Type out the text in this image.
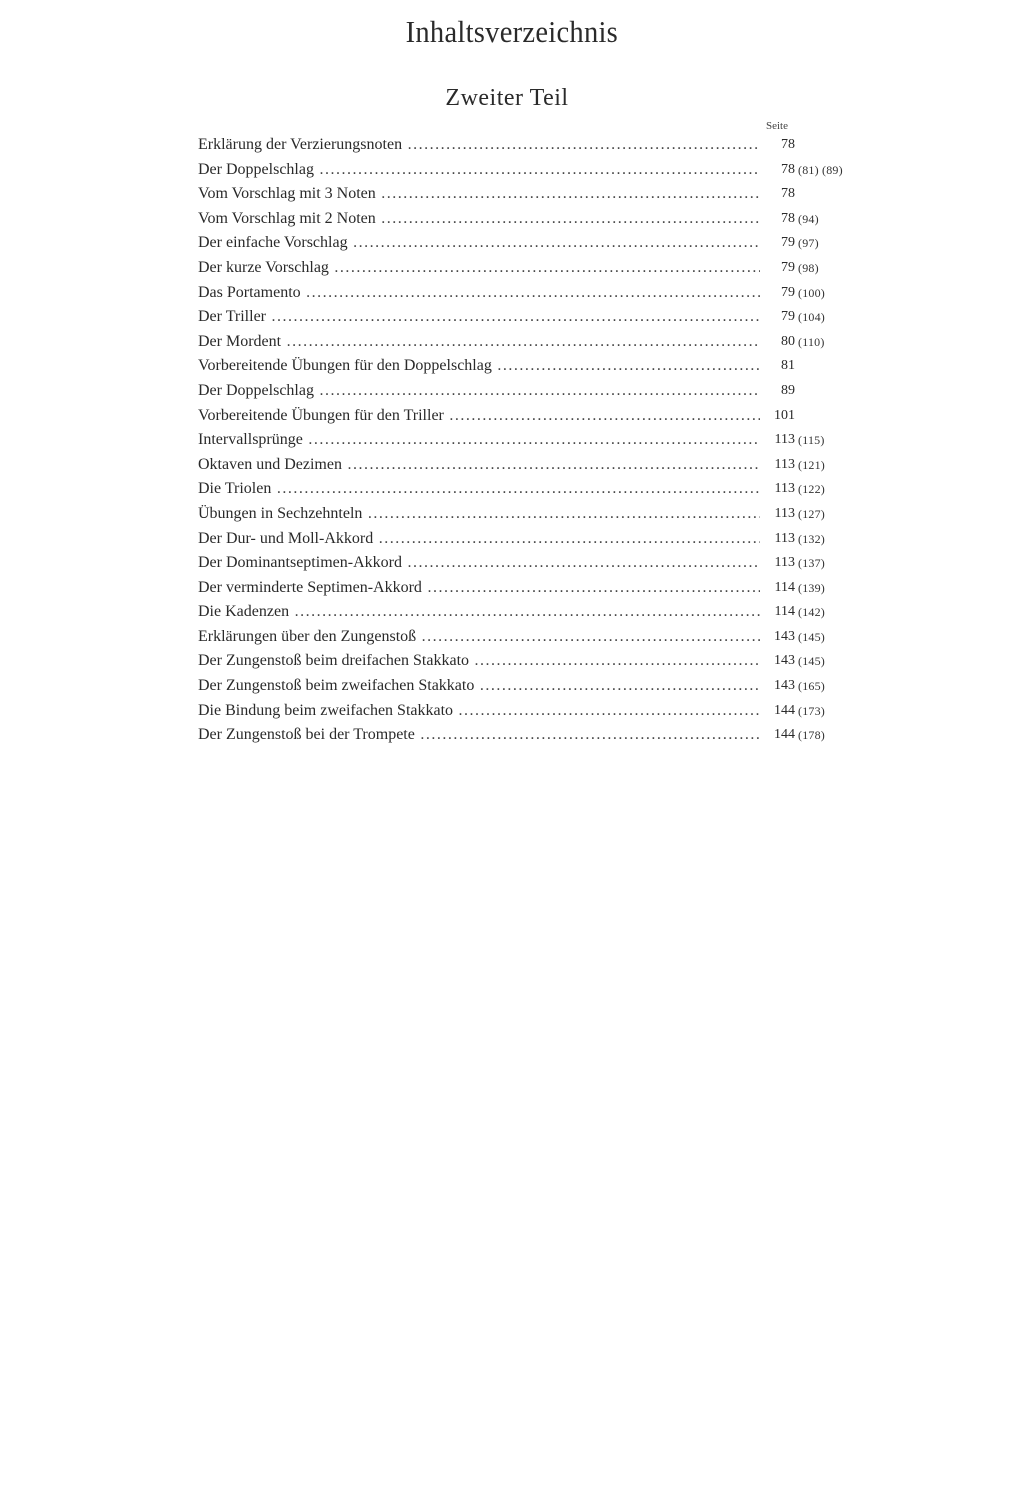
Inhaltsverzeichnis
Zweiter Teil
Seite
Erklärung der Verzierungsnoten .....	78
Der Doppelschlag .....	78 (81) (89)
Vom Vorschlag mit 3 Noten .....	78
Vom Vorschlag mit 2 Noten .....	78 (94)
Der einfache Vorschlag .....	79 (97)
Der kurze Vorschlag .....	79 (98)
Das Portamento .....	79 (100)
Der Triller .....	79 (104)
Der Mordent .....	80 (110)
Vorbereitende Übungen für den Doppelschlag .....	81
Der Doppelschlag .....	89
Vorbereitende Übungen für den Triller .....	101
Intervallsprünge .....	113 (115)
Oktaven und Dezimen .....	113 (121)
Die Triolen .....	113 (122)
Übungen in Sechzehnteln .....	113 (127)
Der Dur- und Moll-Akkord .....	113 (132)
Der Dominantseptimen-Akkord .....	113 (137)
Der verminderte Septimen-Akkord .....	114 (139)
Die Kadenzen .....	114 (142)
Erklärungen über den Zungenstoß .....	143 (145)
Der Zungenstoß beim dreifachen Stakkato .....	143 (145)
Der Zungenstoß beim zweifachen Stakkato .....	143 (165)
Die Bindung beim zweifachen Stakkato .....	144 (173)
Der Zungenstoß bei der Trompete .....	144 (178)
